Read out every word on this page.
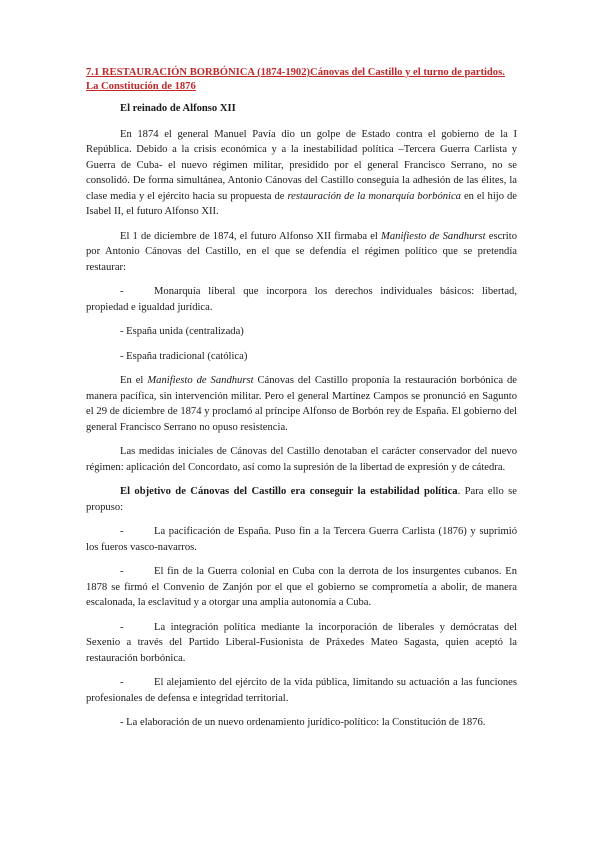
7.1 RESTAURACIÓN BORBÓNICA (1874-1902)Cánovas del Castillo y el turno de partidos. La Constitución de 1876
El reinado de Alfonso XII

En 1874 el general Manuel Pavía dio un golpe de Estado contra el gobierno de la I República. Debido a la crisis económica y a la inestabilidad política –Tercera Guerra Carlista y Guerra de Cuba- el nuevo régimen militar, presidido por el general Francisco Serrano, no se consolidó. De forma simultánea, Antonio Cánovas del Castillo conseguía la adhesión de las élites, la clase media y el ejército hacia su propuesta de restauración de la monarquía borbónica en el hijo de Isabel II, el futuro Alfonso XII.

El 1 de diciembre de 1874, el futuro Alfonso XII firmaba el Manifiesto de Sandhurst escrito por Antonio Cánovas del Castillo, en el que se defendía el régimen político que se pretendía restaurar:

-	Monarquía liberal que incorpora los derechos individuales básicos: libertad, propiedad e igualdad jurídica.

- España unida (centralizada)

- España tradicional (católica)

En el Manifiesto de Sandhurst Cánovas del Castillo proponía la restauración borbónica de manera pacífica, sin intervención militar. Pero el general Martínez Campos se pronunció en Sagunto el 29 de diciembre de 1874 y proclamó al príncipe Alfonso de Borbón rey de España. El gobierno del general Francisco Serrano no opuso resistencia.

Las medidas iniciales de Cánovas del Castillo denotaban el carácter conservador del nuevo régimen: aplicación del Concordato, así como la supresión de la libertad de expresión y de cátedra.

El objetivo de Cánovas del Castillo era conseguir la estabilidad política. Para ello se propuso:

-	La pacificación de España. Puso fin a la Tercera Guerra Carlista (1876) y suprimió los fueros vasco-navarros.

-	El fin de la Guerra colonial en Cuba con la derrota de los insurgentes cubanos. En 1878 se firmó el Convenio de Zanjón por el que el gobierno se comprometía a abolir, de manera escalonada, la esclavitud y a otorgar una amplia autonomía a Cuba.

-	La integración política mediante la incorporación de liberales y demócratas del Sexenio a través del Partido Liberal-Fusionista de Práxedes Mateo Sagasta, quien aceptó la restauración borbónica.

-	El alejamiento del ejército de la vida pública, limitando su actuación a las funciones profesionales de defensa e integridad territorial.

- La elaboración de un nuevo ordenamiento jurídico-político: la Constitución de 1876.
